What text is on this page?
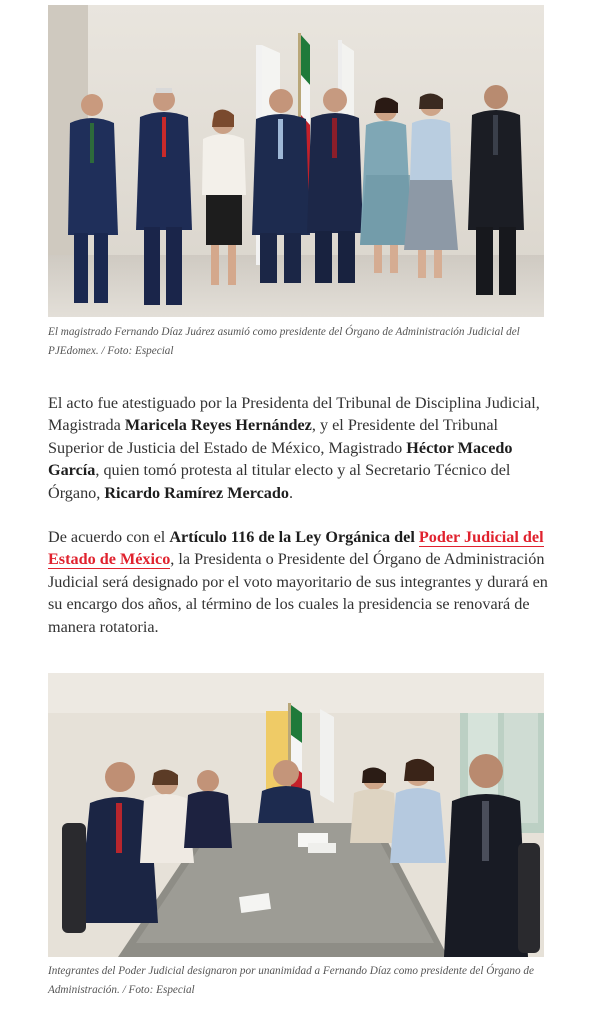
El magistrado Fernando Díaz Juárez asumió como presidente del Órgano de Administración Judicial del PJEdomex. / Foto: Especial

El acto fue atestiguado por la Presidenta del Tribunal de Disciplina Judicial, Magistrada Maricela Reyes Hernández, y el Presidente del Tribunal Superior de Justicia del Estado de México, Magistrado Héctor Macedo García, quien tomó protesta al titular electo y al Secretario Técnico del Órgano, Ricardo Ramírez Mercado.

De acuerdo con el Artículo 116 de la Ley Orgánica del Poder Judicial del Estado de México, la Presidenta o Presidente del Órgano de Administración Judicial será designado por el voto mayoritario de sus integrantes y durará en su encargo dos años, al término de los cuales la presidencia se renovará de manera rotatoria.

Integrantes del Poder Judicial designaron por unanimidad a Fernando Díaz como presidente del Órgano de Administración. / Foto: Especial
